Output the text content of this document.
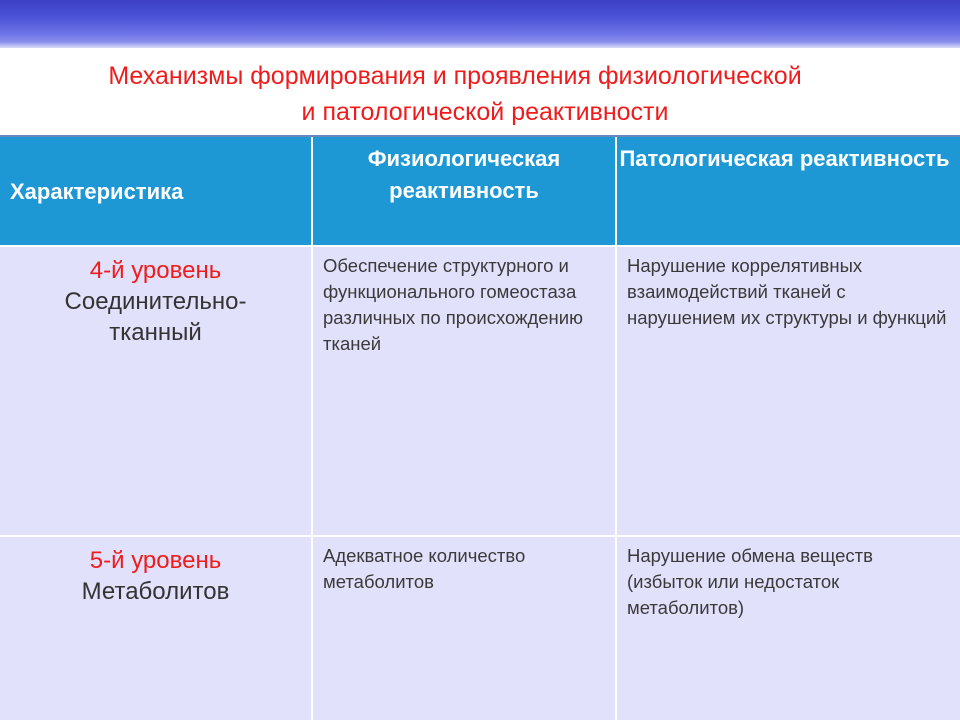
Механизмы формирования и проявления физиологической
и патологической реактивности
Характеристика
Физиологическая реактивность
Патологическая реактивность
4-й уровень
Соединительно-тканный
Обеспечение структурного и функционального гомеостаза различных по происхождению тканей
Нарушение коррелятивных взаимодействий тканей с нарушением их структуры и функций
5-й уровень
Метаболитов
Адекватное количество метаболитов
Нарушение обмена веществ (избыток или недостаток метаболитов)
